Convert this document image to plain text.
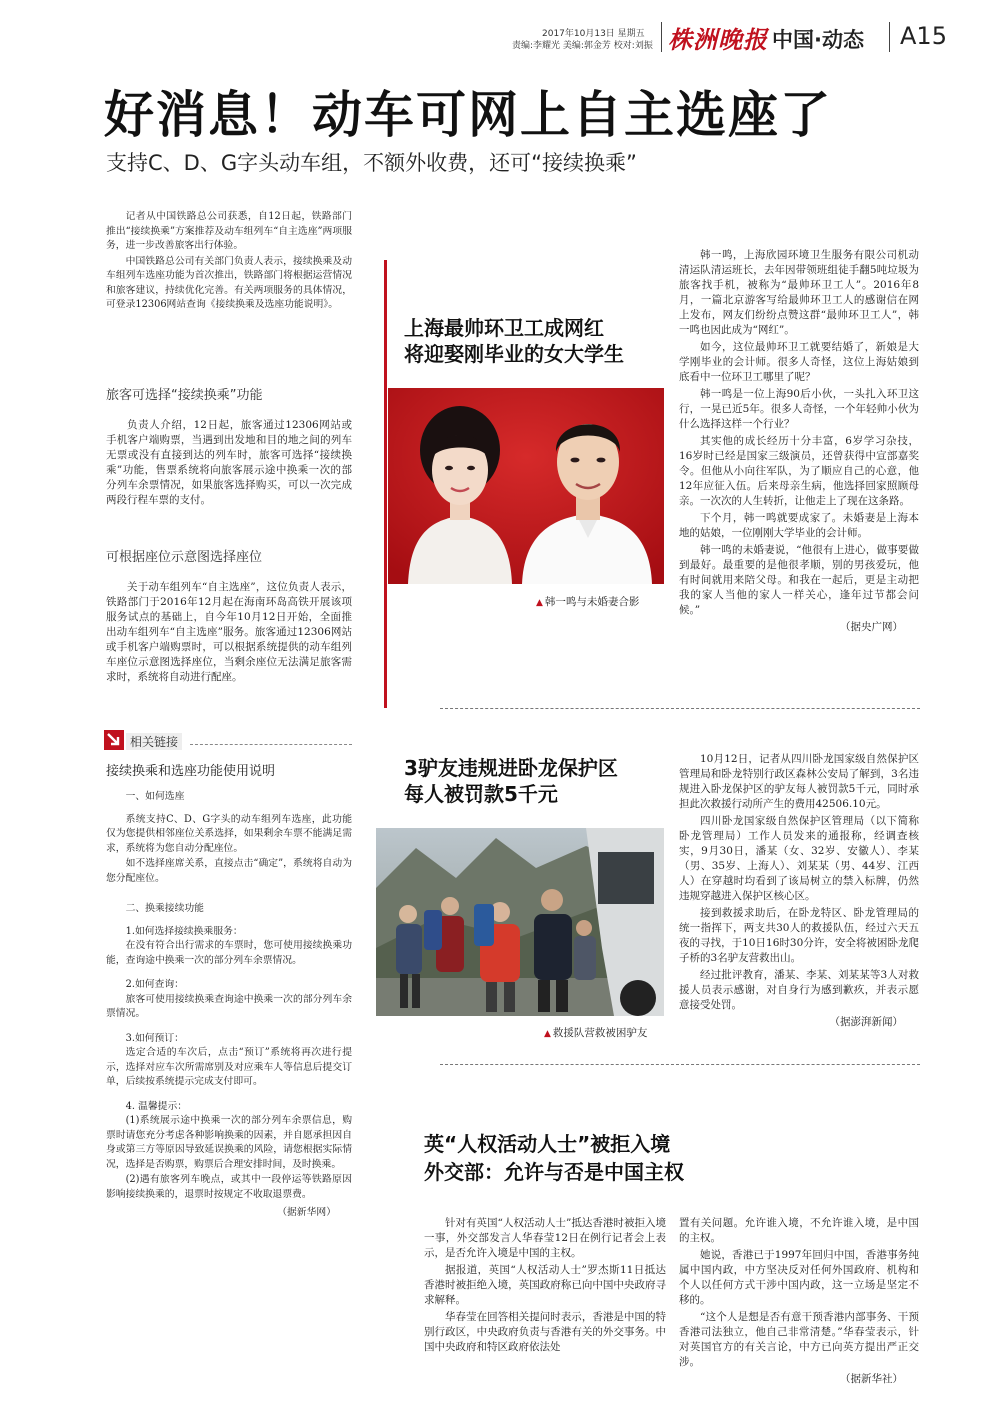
2017年10月13日 星期五
责编:李耀光 美编:郭金芳 校对:刘振 株洲晚报 中国·动态 A15
好消息！动车可网上自主选座了
支持C、D、G字头动车组，不额外收费，还可“接续换乘”

记者从中国铁路总公司获悉，自12日起，铁路部门推出“接续换乘”方案推荐及动车组列车“自主选座”两项服务，进一步改善旅客出行体验。

中国铁路总公司有关部门负责人表示，接续换乘及动车组列车选座功能为首次推出，铁路部门将根据运营情况和旅客建议，持续优化完善。有关两项服务的具体情况，可登录12306网站查询《接续换乘及选座功能说明》。

旅客可选择“接续换乘”功能

负责人介绍，12日起，旅客通过12306网站或手机客户端购票，当遇到出发地和目的地之间的列车无票或没有直接到达的列车时，旅客可选择“接续换乘”功能，售票系统将向旅客展示途中换乘一次的部分列车余票情况，如果旅客选择购买，可以一次完成两段行程车票的支付。

可根据座位示意图选择座位

关于动车组列车“自主选座”，这位负责人表示，铁路部门于2016年12月起在海南环岛高铁开展该项服务试点的基础上，自今年10月12日开始，全面推出动车组列车“自主选座”服务。旅客通过12306网站或手机客户端购票时，可以根据系统提供的动车组列车座位示意图选择座位，当剩余座位无法满足旅客需求时，系统将自动进行配座。

相关链接
接续换乘和选座功能使用说明
一、如何选座

系统支持C、D、G字头的动车组列车选座，此功能仅为您提供相邻座位关系选择，如果剩余车票不能满足需求，系统将为您自动分配座位。

如不选择座席关系，直接点击“确定”，系统将自动为您分配座位。

二、换乘接续功能
1.如何选择接续换乘服务：

在没有符合出行需求的车票时，您可使用接续换乘功能，查询途中换乘一次的部分列车余票情况。

2.如何查询：

旅客可使用接续换乘查询途中换乘一次的部分列车余票情况。

3.如何预订：

选定合适的车次后，点击“预订”系统将再次进行提示，选择对应车次所需席别及对应乘车人等信息后提交订单，后续按系统提示完成支付即可。

4. 温馨提示：

(1)系统展示途中换乘一次的部分列车余票信息，购票时请您充分考虑各种影响换乘的因素，并自愿承担因自身或第三方等原因导致延误换乘的风险，请您根据实际情况，选择是否购票，购票后合理安排时间，及时换乘。

(2)遇有旅客列车晚点，或其中一段停运等铁路原因影响接续换乘的，退票时按规定不收取退票费。

（据新华网）
上海最帅环卫工成网红
将迎娶刚毕业的女大学生
▲ 韩一鸣与未婚妻合影

韩一鸣，上海欣园环境卫生服务有限公司机动清运队清运班长，去年因带领班组徒手翻5吨垃圾为旅客找手机，被称为“最帅环卫工人”。2016年8月，一篇北京游客写给最帅环卫工人的感谢信在网上发布，网友们纷纷点赞这群“最帅环卫工人”，韩一鸣也因此成为“网红”。

如今，这位最帅环卫工就要结婚了，新娘是大学刚毕业的会计师。很多人奇怪，这位上海姑娘到底看中一位环卫工哪里了呢？

韩一鸣是一位上海90后小伙，一头扎入环卫这行，一晃已近5年。很多人奇怪，一个年轻帅小伙为什么选择这样一个行业？

其实他的成长经历十分丰富，6岁学习杂技，16岁时已经是国家三级演员，还曾获得中宣部嘉奖令。但他从小向往军队，为了顺应自己的心意，他12年应征入伍。后来母亲生病，他选择回家照顾母亲。一次次的人生转折，让他走上了现在这条路。

下个月，韩一鸣就要成家了。未婚妻是上海本地的姑娘，一位刚刚大学毕业的会计师。

韩一鸣的未婚妻说，“他很有上进心，做事要做到最好。最重要的是他很孝顺，别的男孩爱玩，他有时间就用来陪父母。和我在一起后，更是主动把我的家人当他的家人一样关心，逢年过节都会问候。”

（据央广网）
3驴友违规进卧龙保护区
每人被罚款5千元
▲ 救援队营救被困驴友

10月12日，记者从四川卧龙国家级自然保护区管理局和卧龙特别行政区森林公安局了解到，3名违规进入卧龙保护区的驴友每人被罚款5千元，同时承担此次救援行动所产生的费用42506.10元。

四川卧龙国家级自然保护区管理局（以下简称卧龙管理局）工作人员发来的通报称，经调查核实，9月30日，潘某（女、32岁、安徽人）、李某（男、35岁、上海人）、刘某某（男、44岁、江西人）在穿越时均看到了该局树立的禁入标牌，仍然违规穿越进入保护区核心区。

接到救援求助后，在卧龙特区、卧龙管理局的统一指挥下，两支共30人的救援队伍，经过六天五夜的寻找，于10日16时30分许，安全将被困卧龙爬子桥的3名驴友营救出山。

经过批评教育，潘某、李某、刘某某等3人对救援人员表示感谢，对自身行为感到歉疚，并表示愿意接受处罚。

（据澎湃新闻）
英“人权活动人士”被拒入境
外交部：允许与否是中国主权

针对有英国“人权活动人士”抵达香港时被拒入境一事，外交部发言人华春莹12日在例行记者会上表示，是否允许入境是中国的主权。

据报道，英国“人权活动人士”罗杰斯11日抵达香港时被拒绝入境，英国政府称已向中国中央政府寻求解释。

华春莹在回答相关提问时表示，香港是中国的特别行政区，中央政府负责与香港有关的外交事务。中国中央政府和特区政府依法处

置有关问题。允许谁入境，不允许谁入境，是中国的主权。

她说，香港已于1997年回归中国，香港事务纯属中国内政，中方坚决反对任何外国政府、机构和个人以任何方式干涉中国内政，这一立场是坚定不移的。

“这个人是想是否有意干预香港内部事务、干预香港司法独立，他自己非常清楚。”华春莹表示，针对英国官方的有关言论，中方已向英方提出严正交涉。

（据新华社）
